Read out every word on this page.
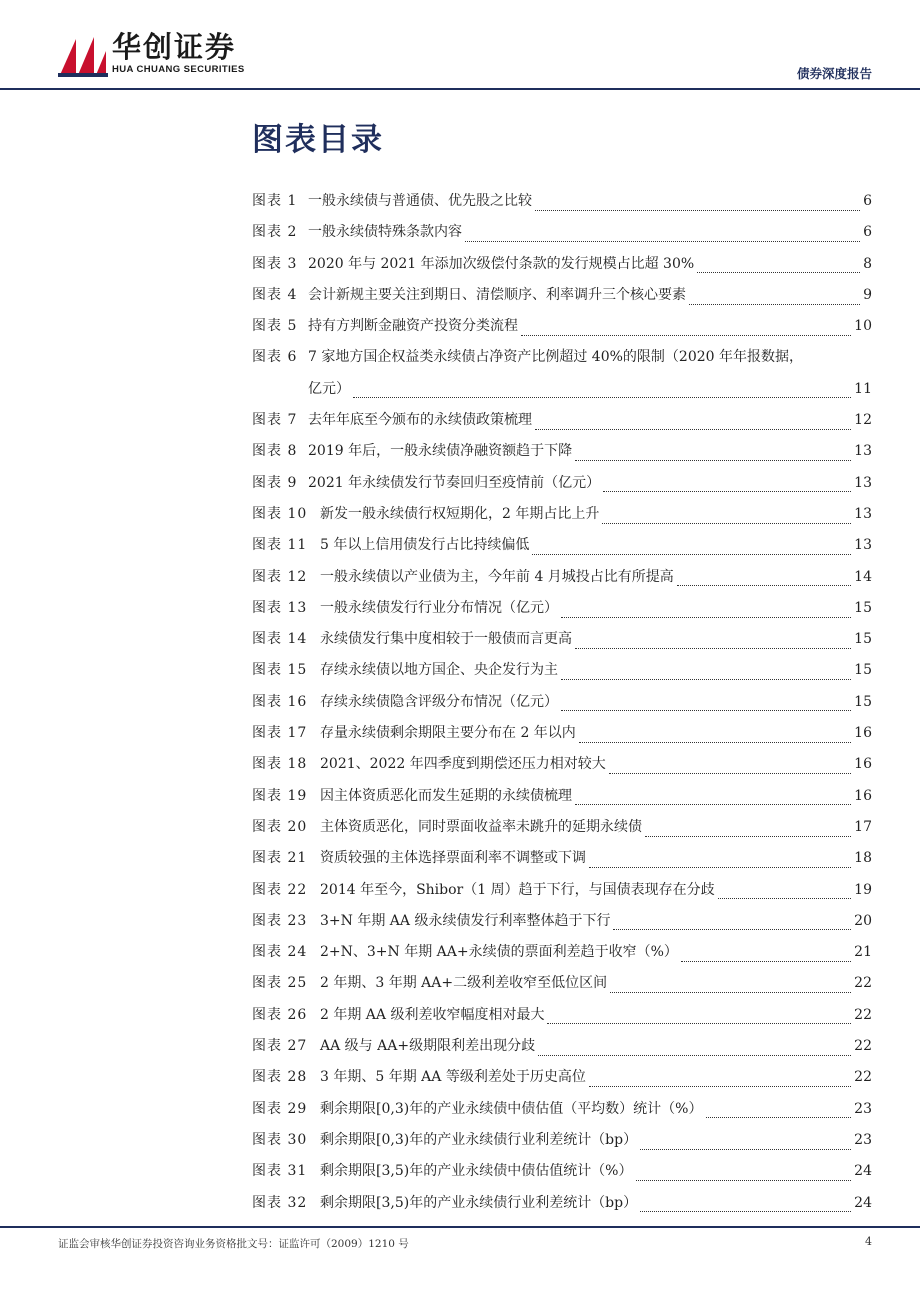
华创证券
HUA CHUANG SECURITIES	债券深度报告
图表目录
图表 1 一般永续债与普通债、优先股之比较	6
图表 2 一般永续债特殊条款内容	6
图表 3 2020 年与 2021 年添加次级偿付条款的发行规模占比超 30%	8
图表 4 会计新规主要关注到期日、清偿顺序、利率调升三个核心要素	9
图表 5 持有方判断金融资产投资分类流程	10
图表 6 7 家地方国企权益类永续债占净资产比例超过 40%的限制（2020 年年报数据，
亿元）	11
图表 7 去年年底至今颁布的永续债政策梳理	12
图表 8 2019 年后，一般永续债净融资额趋于下降	13
图表 9 2021 年永续债发行节奏回归至疫情前（亿元）	13
图表 10 新发一般永续债行权短期化，2 年期占比上升	13
图表 11 5 年以上信用债发行占比持续偏低	13
图表 12 一般永续债以产业债为主，今年前 4 月城投占比有所提高	14
图表 13 一般永续债发行行业分布情况（亿元）	15
图表 14 永续债发行集中度相较于一般债而言更高	15
图表 15 存续永续债以地方国企、央企发行为主	15
图表 16 存续永续债隐含评级分布情况（亿元）	15
图表 17 存量永续债剩余期限主要分布在 2 年以内	16
图表 18 2021、2022 年四季度到期偿还压力相对较大	16
图表 19 因主体资质恶化而发生延期的永续债梳理	16
图表 20 主体资质恶化，同时票面收益率未跳升的延期永续债	17
图表 21 资质较强的主体选择票面利率不调整或下调	18
图表 22 2014 年至今，Shibor（1 周）趋于下行，与国债表现存在分歧	19
图表 23 3+N 年期 AA 级永续债发行利率整体趋于下行	20
图表 24 2+N、3+N 年期 AA+永续债的票面利差趋于收窄（%）	21
图表 25 2 年期、3 年期 AA+二级利差收窄至低位区间	22
图表 26 2 年期 AA 级利差收窄幅度相对最大	22
图表 27 AA 级与 AA+级期限利差出现分歧	22
图表 28 3 年期、5 年期 AA 等级利差处于历史高位	22
图表 29 剩余期限[0,3)年的产业永续债中债估值（平均数）统计（%）	23
图表 30 剩余期限[0,3)年的产业永续债行业利差统计（bp）	23
图表 31 剩余期限[3,5)年的产业永续债中债估值统计（%）	24
图表 32 剩余期限[3,5)年的产业永续债行业利差统计（bp）	24
证监会审核华创证券投资咨询业务资格批文号：证监许可（2009）1210 号	4
